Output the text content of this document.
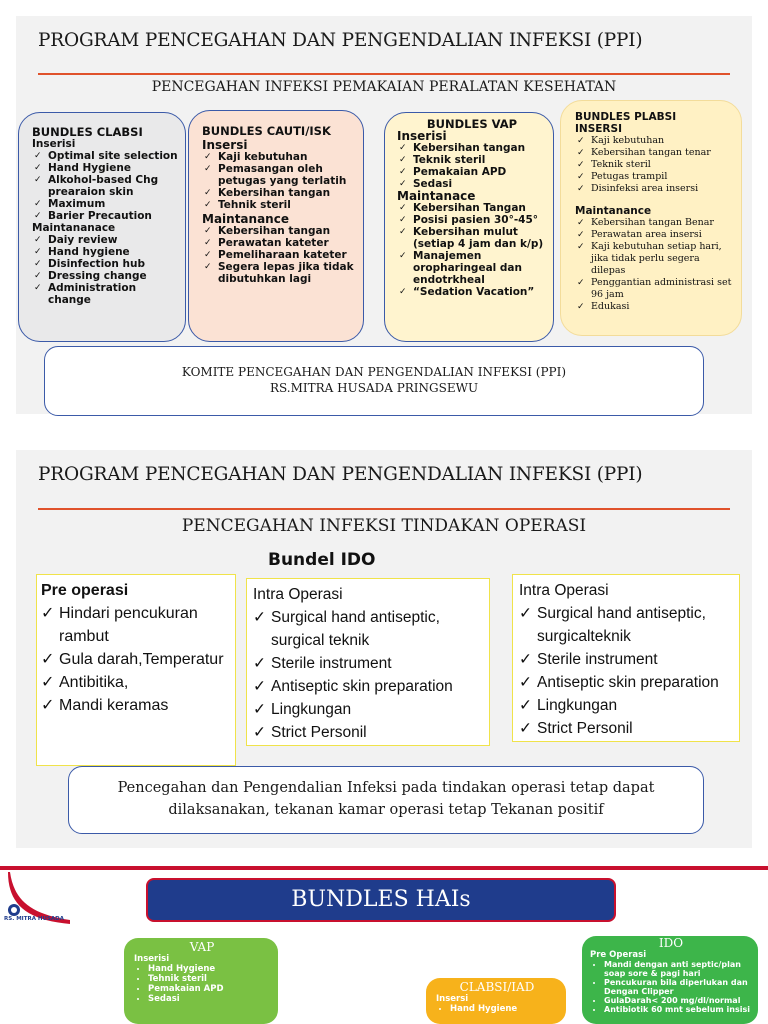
PROGRAM PENCEGAHAN DAN PENGENDALIAN INFEKSI (PPI)
PENCEGAHAN INFEKSI PEMAKAIAN PERALATAN KESEHATAN
BUNDLES CLABSI
Inserisi
✓ Optimal site selection
✓ Hand Hygiene
✓ Alkohol-based Chg prearaion skin
✓ Maximum
✓ Barier Precaution
Maintananace
✓ Daiy review
✓ Hand hygiene
✓ Disinfection hub
✓ Dressing change
✓ Administration change
BUNDLES CAUTI/ISK
Insersi
✓ Kaji kebutuhan
✓ Pemasangan oleh petugas yang terlatih
✓ Kebersihan tangan
✓ Tehnik steril
Maintanance
✓ Kebersihan tangan
✓ Perawatan kateter
✓ Pemeliharaan kateter
✓ Segera lepas jika tidak dibutuhkan lagi
BUNDLES VAP
Inserisi
✓ Kebersihan tangan
✓ Teknik steril
✓ Pemakaian APD
✓ Sedasi
Maintanace
✓ Kebersihan Tangan
✓ Posisi pasien 30°-45°
✓ Kebersihan mulut (setiap 4 jam dan k/p)
✓ Manajemen oropharingeal dan endotrkheal
✓ “Sedation Vacation”
BUNDLES PLABSI
INSERSI
✓ Kaji kebutuhan
✓ Kebersihan tangan tenar
✓ Teknik steril
✓ Petugas trampil
✓ Disinfeksi area insersi
Maintanance
✓ Kebersihan tangan Benar
✓ Perawatan area insersi
✓ Kaji kebutuhan setiap hari, jika tidak perlu segera dilepas
✓ Penggantian administrasi set 96 jam
✓ Edukasi
KOMITE PENCEGAHAN DAN PENGENDALIAN INFEKSI (PPI)
RS.MITRA HUSADA PRINGSEWU
PROGRAM PENCEGAHAN DAN PENGENDALIAN INFEKSI (PPI)
PENCEGAHAN INFEKSI TINDAKAN OPERASI
Bundel IDO
Pre operasi
✓ Hindari pencukuran rambut
✓ Gula darah,Temperatur
✓ Antibitika,
✓ Mandi keramas
Intra Operasi
✓ Surgical hand antiseptic, surgical teknik
✓ Sterile instrument
✓ Antiseptic skin preparation
✓ Lingkungan
✓ Strict Personil
Intra Operasi
✓ Surgical hand antiseptic, surgicalteknik
✓ Sterile instrument
✓ Antiseptic skin preparation
✓ Lingkungan
✓ Strict Personil
Pencegahan dan Pengendalian Infeksi pada tindakan operasi tetap dapat dilaksanakan, tekanan kamar operasi tetap Tekanan positif
RS. MITRA HUSADA
BUNDLES HAIs
VAP
Inserisi
• Hand Hygiene
• Tehnik steril
• Pemakaian APD
• Sedasi
CLABSI/IAD
Insersi
• Hand Hygiene
IDO
Pre Operasi
• Mandi dengan anti septic/plan soap sore & pagi hari
• Pencukuran bila diperlukan dan Dengan Clipper
• GulaDarah< 200 mg/dl/normal
• Antibiotik 60 mnt sebelum insisi
